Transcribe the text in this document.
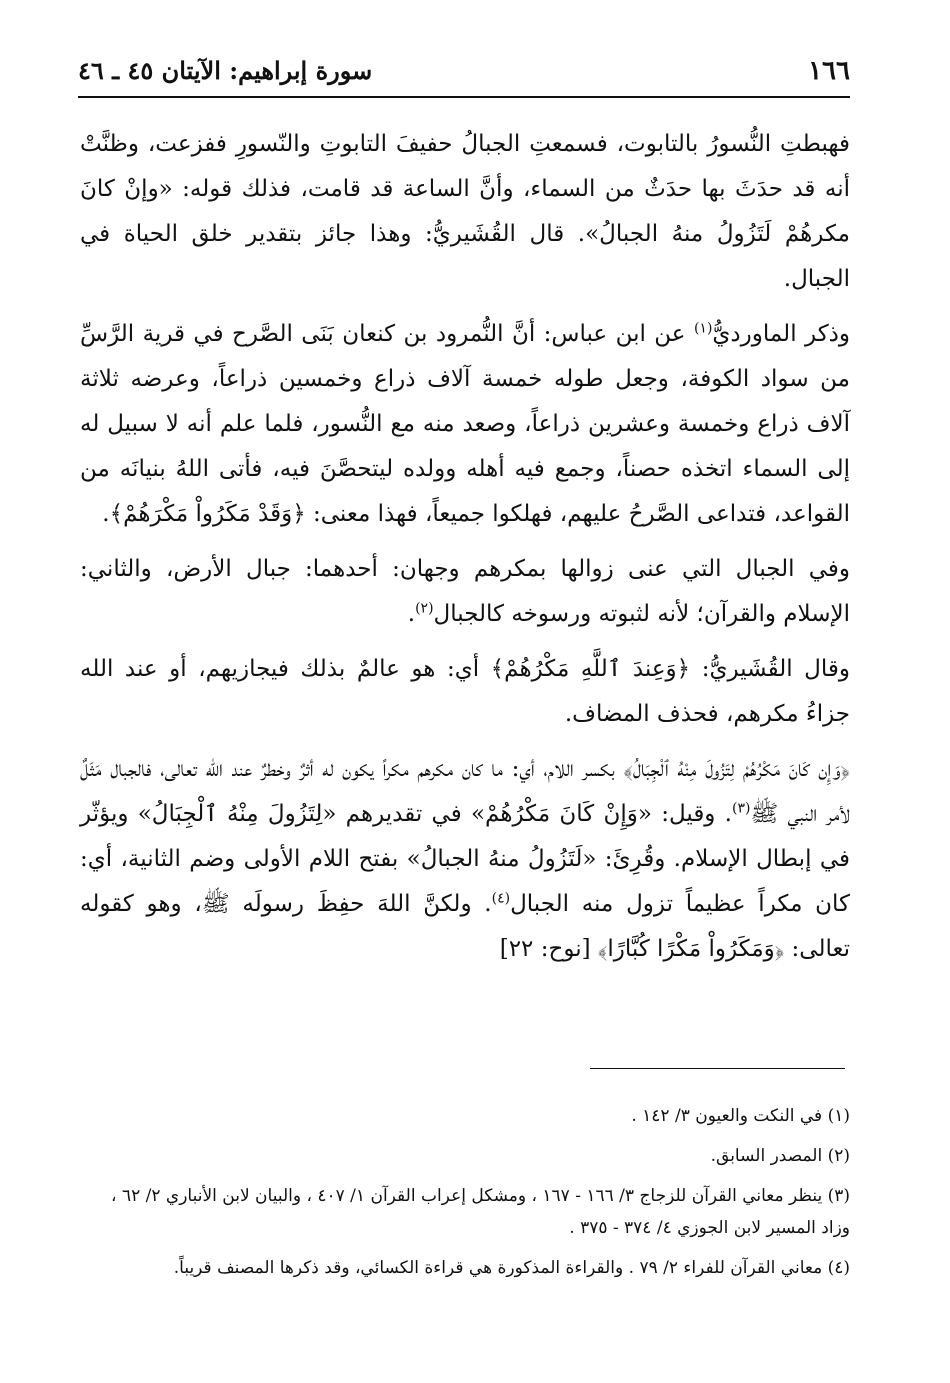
١٦٦
سورة إبراهيم: الآيتان ٤٥ ـ ٤٦

فهبطتِ النُّسورُ بالتابوت، فسمعتِ الجبالُ حفيفَ التابوتِ والنّسورِ ففزعت، وظنَّتْ أنه قد حدَثَ بها حدَثٌ من السماء، وأنَّ الساعة قد قامت، فذلك قوله: «وإنْ كانَ مكرهُمْ لَتَزُولُ منهُ الجبالُ». قال القُشَيريُّ: وهذا جائز بتقدير خلق الحياة في الجبال.

وذكر الماورديُّ$^{(١)}$ عن ابن عباس: أنَّ النُّمرود بن كنعان بَنَى الصَّرح في قرية الرَّسِّ من سواد الكوفة، وجعل طوله خمسة آلاف ذراع وخمسين ذراعاً، وعرضه ثلاثة آلاف ذراع وخمسة وعشرين ذراعاً، وصعد منه مع النُّسور، فلما علم أنه لا سبيل له إلى السماء اتخذه حصناً، وجمع فيه أهله وولده ليتحصَّنَ فيه، فأتى اللهُ بنيانَه من القواعد، فتداعى الصَّرحُ عليهم، فهلكوا جميعاً، فهذا معنى: ﴿وَقَدْ مَكَرُواْ مَكْرَهُمْ﴾.

وفي الجبال التي عنى زوالها بمكرهم وجهان: أحدهما: جبال الأرض، والثاني: الإسلام والقرآن؛ لأنه لثبوته ورسوخه كالجبال$^{(٢)}$.

وقال القُشَيريُّ: ﴿وَعِندَ ٱللَّهِ مَكْرُهُمْ﴾ أي: هو عالمٌ بذلك فيجازيهم، أو عند الله جزاءُ مكرهم، فحذف المضاف.

﴿وَإِن كَانَ مَكْرُهُمْ لِتَزُولَ مِنْهُ ٱلْجِبَالُ﴾ بكسر اللام، أي: ما كان مكرهم مكراً يكون له أثرٌ وخطرٌ عند الله تعالى، فالجبال مَثَلٌ لأمر النبي ﷺ$^{(٣)}$. وقيل: «وَإِنْ كَانَ مَكْرُهُمْ» في تقديرهم «لِتَزُولَ مِنْهُ ٱلْجِبَالُ» ويؤثّر في إبطال الإسلام. وقُرِئَ: «لَتَزُولُ منهُ الجبالُ» بفتح اللام الأولى وضم الثانية، أي: كان مكراً عظيماً تزول منه الجبال$^{(٤)}$. ولكنَّ اللهَ حفِظَ رسولَه ﷺ، وهو كقوله تعالى: ﴿وَمَكَرُواْ مَكْرًا كُبَّارًا﴾ [نوح: ٢٢]

(١) في النكت والعيون ٣/ ١٤٢ .

(٢) المصدر السابق.

(٣) ينظر معاني القرآن للزجاج ٣/ ١٦٦ - ١٦٧ ، ومشكل إعراب القرآن ١/ ٤٠٧ ، والبيان لابن الأنباري ٢/ ٦٢ ، وزاد المسير لابن الجوزي ٤/ ٣٧٤ - ٣٧٥ .

(٤) معاني القرآن للفراء ٢/ ٧٩ . والقراءة المذكورة هي قراءة الكسائي، وقد ذكرها المصنف قريباً.
